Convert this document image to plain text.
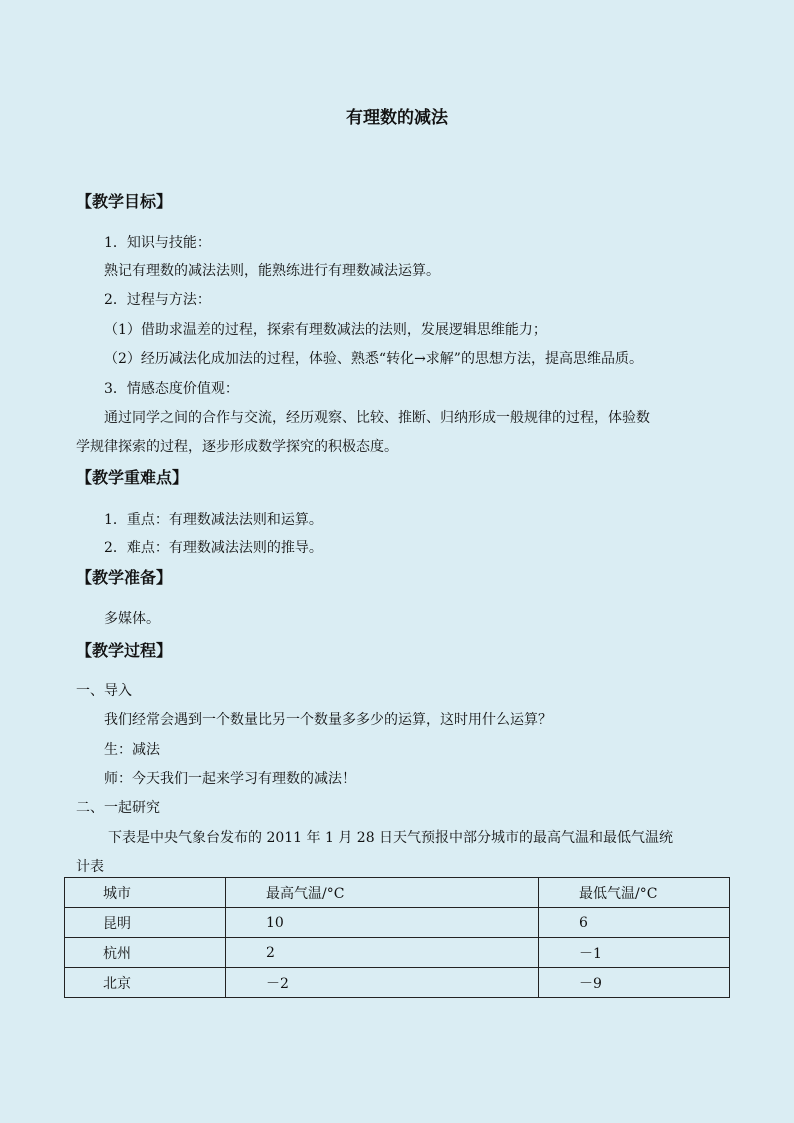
有理数的减法
【教学目标】

1．知识与技能：

熟记有理数的减法法则，能熟练进行有理数减法运算。

2．过程与方法：

（1）借助求温差的过程，探索有理数减法的法则，发展逻辑思维能力；

（2）经历减法化成加法的过程，体验、熟悉“转化→求解”的思想方法，提高思维品质。

3．情感态度价值观：

通过同学之间的合作与交流，经历观察、比较、推断、归纳形成一般规律的过程，体验数

学规律探索的过程，逐步形成数学探究的积极态度。

【教学重难点】

1．重点：有理数减法法则和运算。

2．难点：有理数减法法则的推导。

【教学准备】

多媒体。

【教学过程】

一、导入

我们经常会遇到一个数量比另一个数量多多少的运算，这时用什么运算？

生：减法

师：今天我们一起来学习有理数的减法！

二、一起研究

下表是中央气象台发布的 2011 年 1 月 28 日天气预报中部分城市的最高气温和最低气温统

计表

城市	最高气温/°C	最低气温/°C
昆明	10	6
杭州	2	－1
北京	－2	－9
